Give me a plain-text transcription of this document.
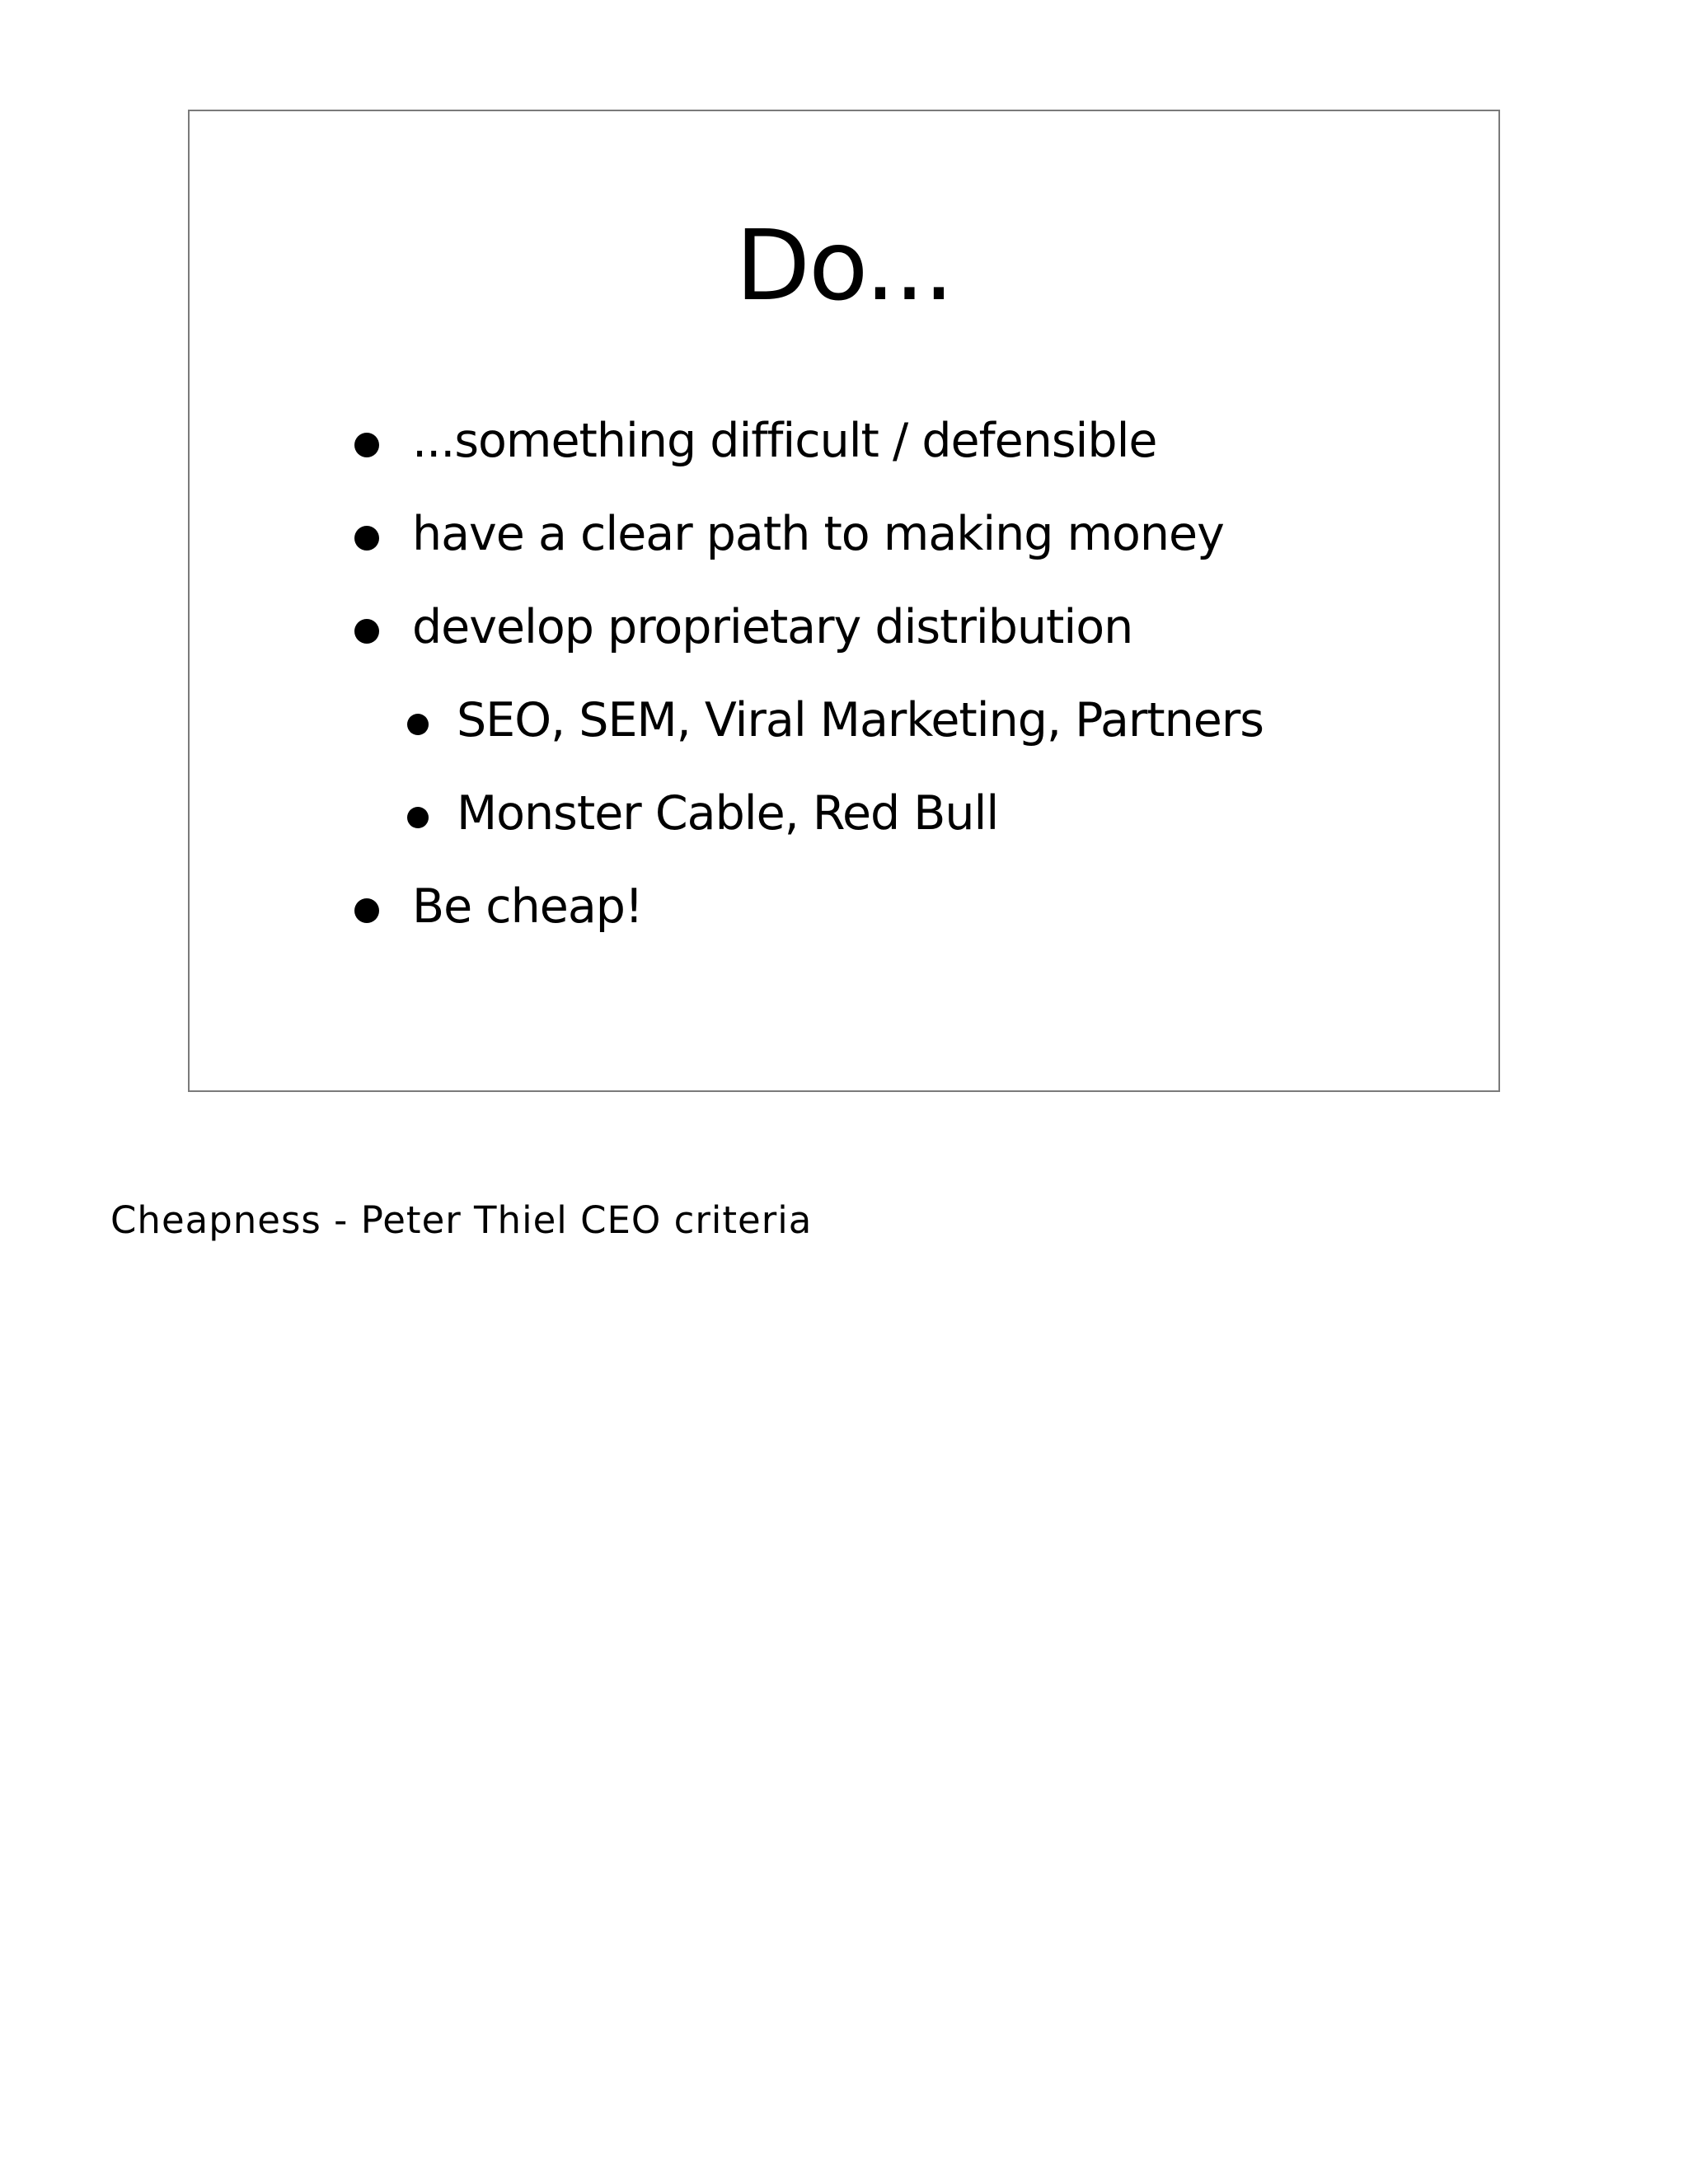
Do...
...something difficult / defensible
have a clear path to making money
develop proprietary distribution
SEO, SEM, Viral Marketing, Partners
Monster Cable, Red Bull
Be cheap!
Cheapness - Peter Thiel CEO criteria
